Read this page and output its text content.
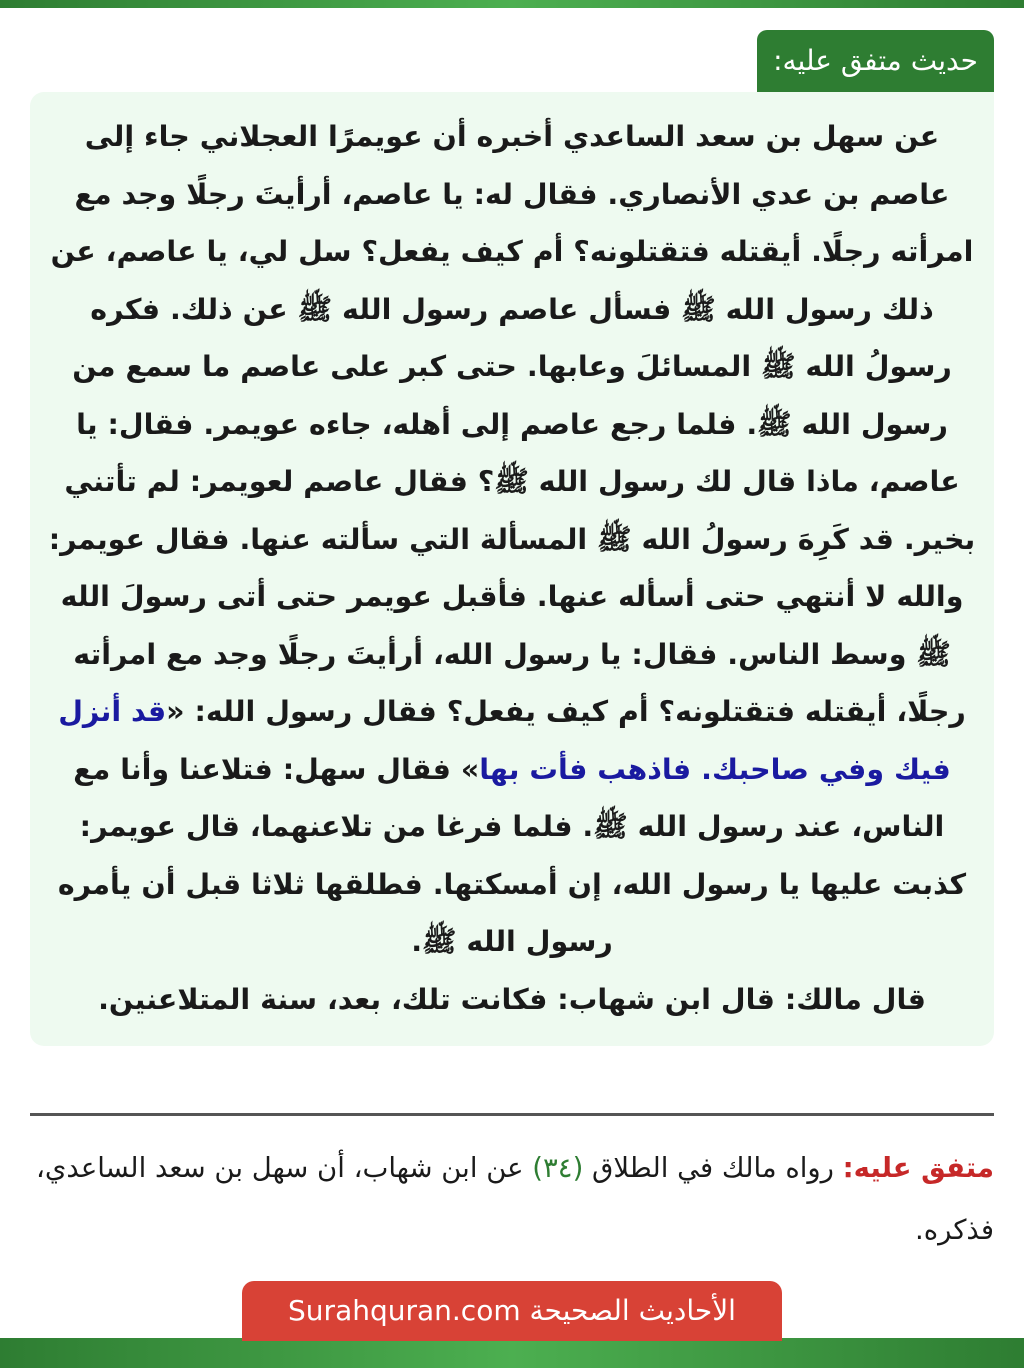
حديث متفق عليه:

عن سهل بن سعد الساعدي أخبره أن عويمرًا العجلاني جاء إلى عاصم بن عدي الأنصاري. فقال له: يا عاصم، أرأيتَ رجلًا وجد مع امرأته رجلًا. أيقتله فتقتلونه؟ أم كيف يفعل؟ سل لي، يا عاصم، عن ذلك رسول الله ﷺ فسأل عاصم رسول الله ﷺ عن ذلك. فكره رسولُ الله ﷺ المسائلَ وعابها. حتى كبر على عاصم ما سمع من رسول الله ﷺ. فلما رجع عاصم إلى أهله، جاءه عويمر. فقال: يا عاصم، ماذا قال لك رسول الله ﷺ؟ فقال عاصم لعويمر: لم تأتني بخير. قد كَرِهَ رسولُ الله ﷺ المسألة التي سألته عنها. فقال عويمر: والله لا أنتهي حتى أسأله عنها. فأقبل عويمر حتى أتى رسولَ الله ﷺ وسط الناس. فقال: يا رسول الله، أرأيتَ رجلًا وجد مع امرأته رجلًا، أيقتله فتقتلونه؟ أم كيف يفعل؟ فقال رسول الله: «قد أنزل فيك وفي صاحبك. فاذهب فأت بها» فقال سهل: فتلاعنا وأنا مع الناس، عند رسول الله ﷺ. فلما فرغا من تلاعنهما، قال عويمر: كذبت عليها يا رسول الله، إن أمسكتها. فطلقها ثلاثا قبل أن يأمره رسول الله ﷺ.
قال مالك: قال ابن شهاب: فكانت تلك، بعد، سنة المتلاعنين.

متفق عليه: رواه مالك في الطلاق (٣٤) عن ابن شهاب، أن سهل بن سعد الساعدي، فذكره.

الأحاديث الصحيحة Surahquran.com
